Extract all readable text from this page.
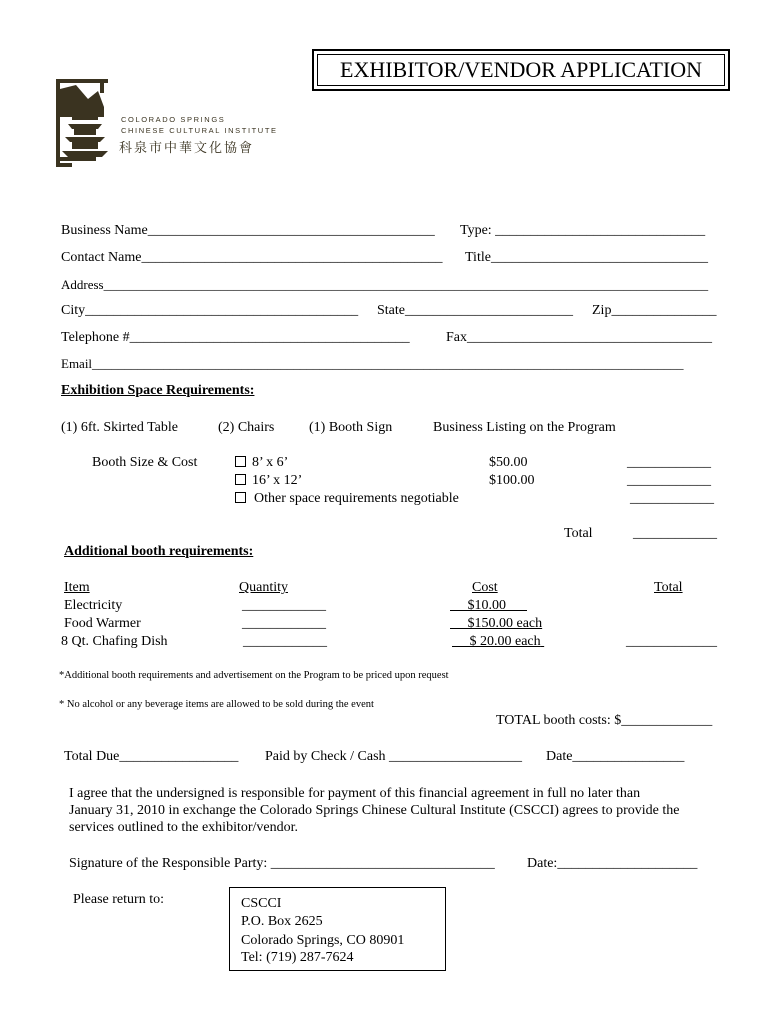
COLORADO SPRINGS
CHINESE CULTURAL INSTITUTE
科泉市中華文化協會
EXHIBITOR/VENDOR APPLICATION
Business Name_________________________________________ Type: ______________________________
Contact Name___________________________________________ Title_______________________________
Address_____________________________________________________________________________________________
City_______________________________________ State________________________ Zip_______________
Telephone #________________________________________	Fax___________________________________
Email___________________________________________________________________________________________
Exhibition Space Requirements:
(1) 6ft. Skirted Table	(2) Chairs (1) Booth Sign	Business Listing on the Program
Booth Size & Cost	8’ x 6’	$50.00	____________
16’ x 12’	$100.00	____________
Other space requirements negotiable	____________
Total	____________
Additional booth requirements:
Item	Quantity	Cost	Total
Electricity	____________	$10.00
Food Warmer	____________	$150.00 each
8 Qt. Chafing Dish	____________	$ 20.00 each	_____________
*Additional booth requirements and advertisement on the Program to be priced upon request
* No alcohol or any beverage items are allowed to be sold during the event
TOTAL booth costs: $_____________
Total Due_________________ Paid by Check / Cash ___________________ Date________________
I agree that the undersigned is responsible for payment of this financial agreement in full no later than
January 31, 2010 in exchange the Colorado Springs Chinese Cultural Institute (CSCCI) agrees to provide the
services outlined to the exhibitor/vendor.
Signature of the Responsible Party: ________________________________ Date:____________________
Please return to:	CSCCI
P.O. Box 2625
Colorado Springs, CO 80901
Tel: (719) 287-7624
